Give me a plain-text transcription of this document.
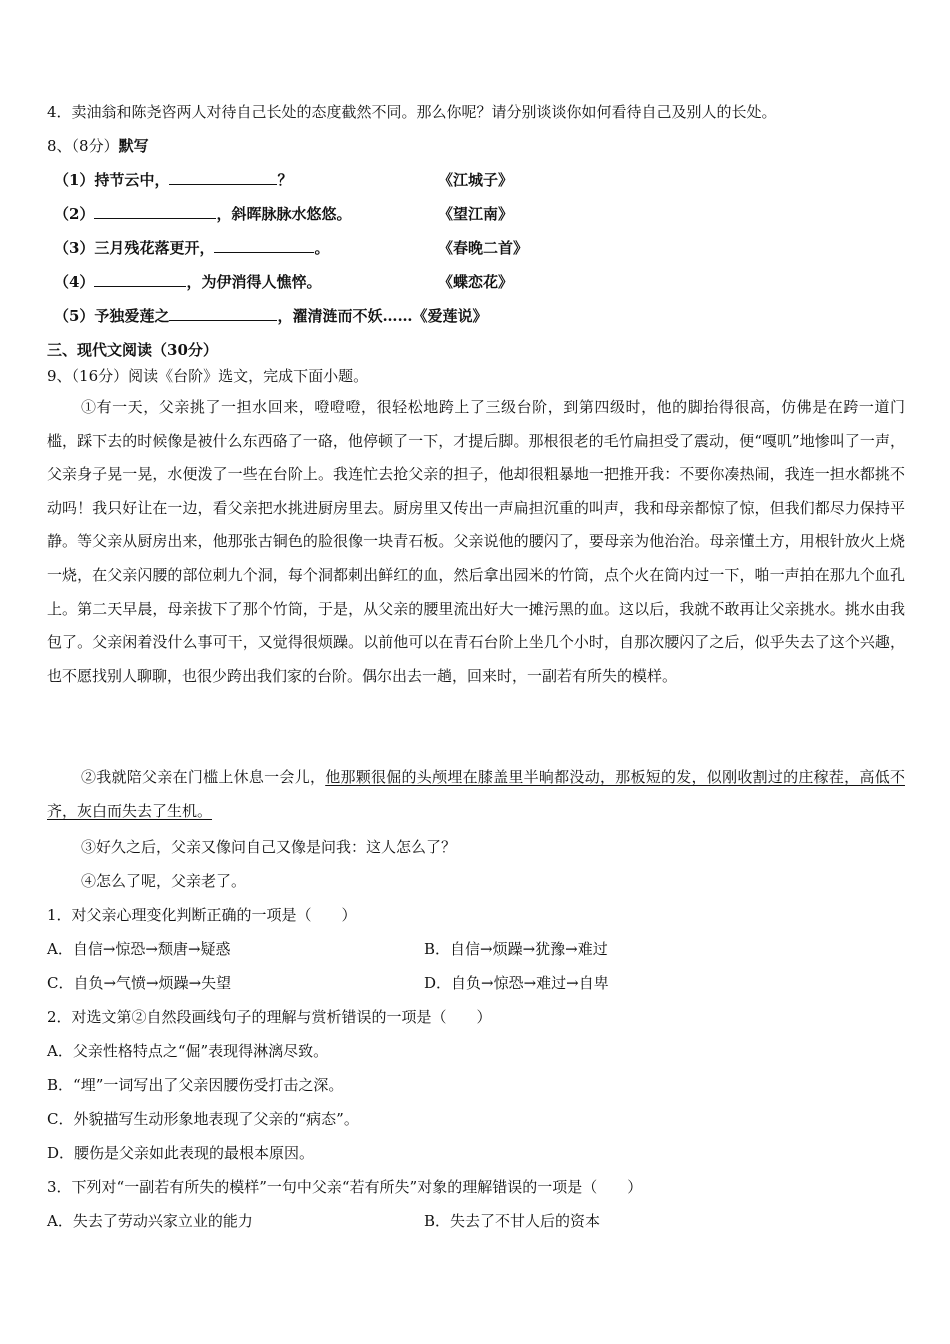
4．卖油翁和陈尧咨两人对待自己长处的态度截然不同。那么你呢？请分别谈谈你如何看待自己及别人的长处。
8、（8分）默写
（1）持节云中，	？	《江城子》
（2）	，斜晖脉脉水悠悠。	《望江南》
（3）三月残花落更开，	。	《春晚二首》
（4）	，为伊消得人憔悴。	《蝶恋花》
（5）予独爱莲之	，濯清涟而不妖……《爱莲说》
三、现代文阅读（30分）
9、（16分）阅读《台阶》选文，完成下面小题。
①有一天，父亲挑了一担水回来，噔噔噔，很轻松地跨上了三级台阶，到第四级时，他的脚抬得很高，仿佛是在跨一道门槛，踩下去的时候像是被什么东西硌了一硌，他停顿了一下，才提后脚。那根很老的毛竹扁担受了震动，便“嘎叽”地惨叫了一声，父亲身子晃一晃，水便泼了一些在台阶上。我连忙去抢父亲的担子，他却很粗暴地一把推开我：不要你凑热闹，我连一担水都挑不动吗！我只好让在一边，看父亲把水挑进厨房里去。厨房里又传出一声扁担沉重的叫声，我和母亲都惊了惊，但我们都尽力保持平静。等父亲从厨房出来，他那张古铜色的脸很像一块青石板。父亲说他的腰闪了，要母亲为他治治。母亲懂土方，用根针放火上烧一烧，在父亲闪腰的部位刺九个洞，每个洞都刺出鲜红的血，然后拿出园米的竹筒，点个火在筒内过一下，啪一声拍在那九个血孔上。第二天早晨，母亲拔下了那个竹筒，于是，从父亲的腰里流出好大一摊污黑的血。这以后，我就不敢再让父亲挑水。挑水由我包了。父亲闲着没什么事可干，又觉得很烦躁。以前他可以在青石台阶上坐几个小时，自那次腰闪了之后，似乎失去了这个兴趣，也不愿找别人聊聊，也很少跨出我们家的台阶。偶尔出去一趟，回来时，一副若有所失的模样。
②我就陪父亲在门槛上休息一会儿，他那颗很倔的头颅埋在膝盖里半晌都没动，那板短的发，似刚收割过的庄稼茬，高低不齐，灰白而失去了生机。
③好久之后，父亲又像问自己又像是问我：这人怎么了？
④怎么了呢，父亲老了。
1．对父亲心理变化判断正确的一项是（　　）
A．自信→惊恐→颓唐→疑惑	B．自信→烦躁→犹豫→难过
C．自负→气愤→烦躁→失望	D．自负→惊恐→难过→自卑
2．对选文第②自然段画线句子的理解与赏析错误的一项是（　　）
A．父亲性格特点之“倔”表现得淋漓尽致。
B．“埋”一词写出了父亲因腰伤受打击之深。
C．外貌描写生动形象地表现了父亲的“病态”。
D．腰伤是父亲如此表现的最根本原因。
3．下列对“一副若有所失的模样”一句中父亲“若有所失”对象的理解错误的一项是（　　）
A．失去了劳动兴家立业的能力	B．失去了不甘人后的资本
